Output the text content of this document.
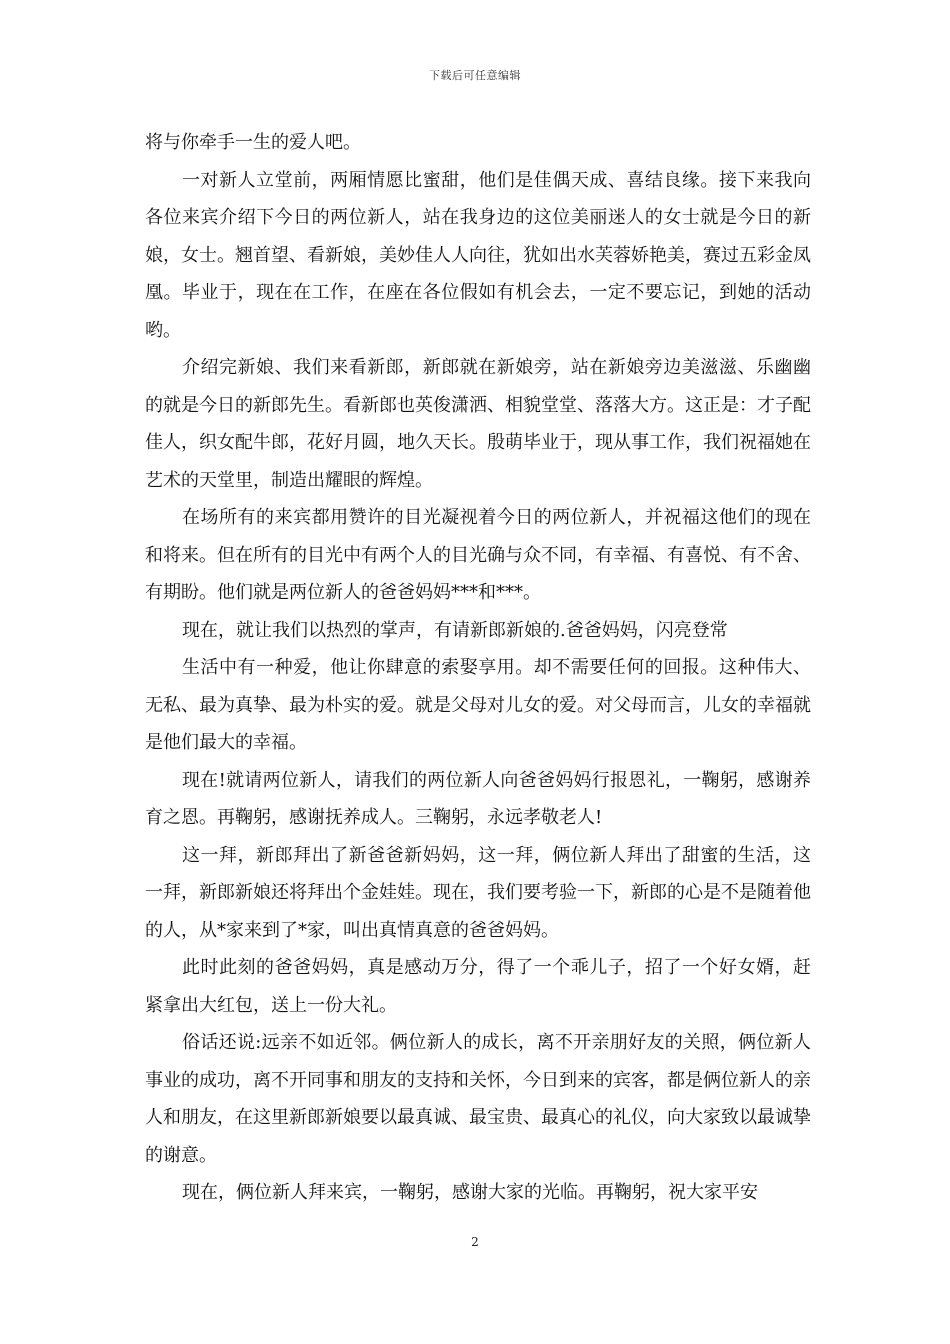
下载后可任意编辑

将与你牵手一生的爱人吧。

一对新人立堂前，两厢情愿比蜜甜，他们是佳偶天成、喜结良缘。接下来我向各位来宾介绍下今日的两位新人，站在我身边的这位美丽迷人的女士就是今日的新娘，女士。翘首望、看新娘，美妙佳人人向往，犹如出水芙蓉娇艳美，赛过五彩金凤凰。毕业于，现在在工作，在座在各位假如有机会去，一定不要忘记，到她的活动哟。

介绍完新娘、我们来看新郎，新郎就在新娘旁，站在新娘旁边美滋滋、乐幽幽的就是今日的新郎先生。看新郎也英俊潇洒、相貌堂堂、落落大方。这正是：才子配佳人，织女配牛郎，花好月圆，地久天长。殷萌毕业于，现从事工作，我们祝福她在艺术的天堂里，制造出耀眼的辉煌。

在场所有的来宾都用赞许的目光凝视着今日的两位新人，并祝福这他们的现在和将来。但在所有的目光中有两个人的目光确与众不同，有幸福、有喜悦、有不舍、有期盼。他们就是两位新人的爸爸妈妈***和***。

现在，就让我们以热烈的掌声，有请新郎新娘的.爸爸妈妈，闪亮登常

生活中有一种爱，他让你肆意的索娶享用。却不需要任何的回报。这种伟大、无私、最为真挚、最为朴实的爱。就是父母对儿女的爱。对父母而言，儿女的幸福就是他们最大的幸福。

现在!就请两位新人，请我们的两位新人向爸爸妈妈行报恩礼，一鞠躬，感谢养育之恩。再鞠躬，感谢抚养成人。三鞠躬，永远孝敬老人!

这一拜，新郎拜出了新爸爸新妈妈，这一拜，俩位新人拜出了甜蜜的生活，这一拜，新郎新娘还将拜出个金娃娃。现在，我们要考验一下，新郎的心是不是随着他的人，从*家来到了*家，叫出真情真意的爸爸妈妈。

此时此刻的爸爸妈妈，真是感动万分，得了一个乖儿子，招了一个好女婿，赶紧拿出大红包，送上一份大礼。

俗话还说:远亲不如近邻。俩位新人的成长，离不开亲朋好友的关照，俩位新人事业的成功，离不开同事和朋友的支持和关怀，今日到来的宾客，都是俩位新人的亲人和朋友，在这里新郎新娘要以最真诚、最宝贵、最真心的礼仪，向大家致以最诚挚的谢意。

现在，俩位新人拜来宾，一鞠躬，感谢大家的光临。再鞠躬，祝大家平安

2
